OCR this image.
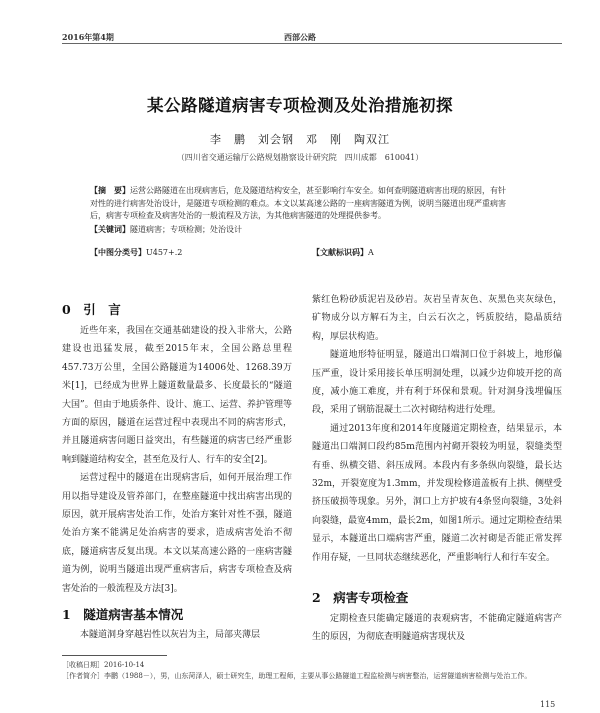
2016年第4期	西部公路
某公路隧道病害专项检测及处治措施初探
李　鹏　刘会钢　邓　刚　陶双江
（四川省交通运输厅公路规划勘察设计研究院　四川成都　610041）

【摘　要】运营公路隧道在出现病害后，危及隧道结构安全，甚至影响行车安全。如何查明隧道病害出现的原因，有针对性的进行病害处治设计，是隧道专项检测的难点。本文以某高速公路的一座病害隧道为例，说明当隧道出现严重病害后，病害专项检查及病害处治的一般流程及方法，为其他病害隧道的处理提供参考。

【关键词】隧道病害；专项检测；处治设计

【中图分类号】U457+.2	【文献标识码】A
0　引　言

近些年来，我国在交通基础建设的投入非常大，公路建设也迅猛发展，截至2015年末，全国公路总里程457.73万公里，全国公路隧道为14006处、1268.39万米[1]，已经成为世界上隧道数量最多、长度最长的“隧道大国”。但由于地质条件、设计、施工、运营、养护管理等方面的原因，隧道在运营过程中表现出不同的病害形式，并且隧道病害问题日益突出，有些隧道的病害已经严重影响到隧道结构安全，甚至危及行人、行车的安全[2]。

运营过程中的隧道在出现病害后，如何开展治理工作用以指导建设及管养部门，在整座隧道中找出病害出现的原因，就开展病害处治工作，处治方案针对性不强，隧道处治方案不能满足处治病害的要求，造成病害处治不彻底，隧道病害反复出现。本文以某高速公路的一座病害隧道为例，说明当隧道出现严重病害后，病害专项检查及病害处治的一般流程及方法[3]。

1　隧道病害基本情况

本隧道洞身穿越岩性以灰岩为主，局部夹薄层

紫红色粉砂质泥岩及砂岩。灰岩呈青灰色、灰黑色夹灰绿色，矿物成分以方解石为主，白云石次之，钙质胶结，隐晶质结构，厚层状构造。

隧道地形特征明显，隧道出口端洞口位于斜坡上，地形偏压严重，设计采用接长单压明洞处理，以减少边仰坡开挖的高度，减小施工难度，并有利于环保和景观。针对洞身浅埋偏压段，采用了钢筋混凝土二次衬砌结构进行处理。

通过2013年度和2014年度隧道定期检查，结果显示，本隧道出口端洞口段约85m范围内衬砌开裂较为明显，裂缝类型有垂、纵横交错、斜压成网。本段内有多条纵向裂缝，最长达32m，开裂宽度为1.3mm，并发现检修道盖板有上拱、侧壁受挤压破损等现象。另外，洞口上方护坡有4条竖向裂缝，3处斜向裂缝，最宽4mm，最长2m，如图1所示。通过定期检查结果显示，本隧道出口端病害严重，隧道二次衬砌是否能正常发挥作用存疑，一旦同状态继续恶化，严重影响行人和行车安全。

2　病害专项检查

定期检查只能确定隧道的表观病害，不能确定隧道病害产生的原因，为彻底查明隧道病害现状及

［收稿日期］2016-10-14

［作者简介］李鹏（1988－），男，山东菏泽人，硕士研究生，助理工程师，主要从事公路隧道工程监检测与病害整治，运营隧道病害检测与处治工作。

115
